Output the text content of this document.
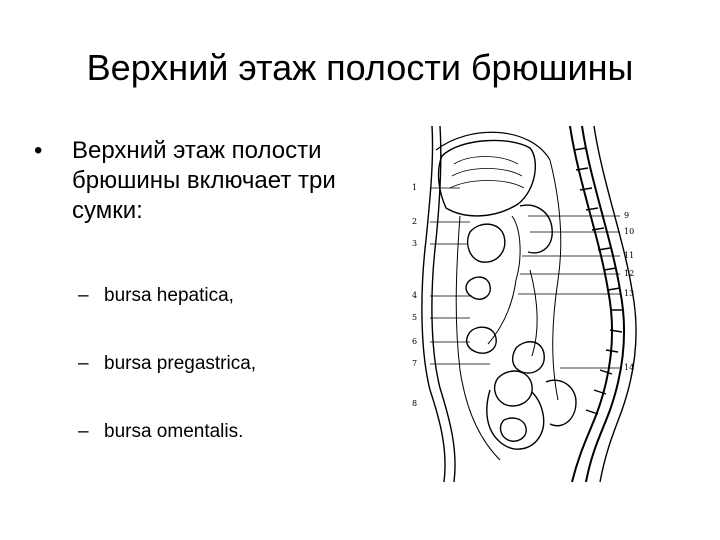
Верхний этаж полости брюшины
•	Верхний этаж полости брюшины включает три сумки:
– bursa hepatica,
– bursa pregastrica,
– bursa omentalis.
1
2
3
4
5
6
7
8
9
10
11
12
13
14
